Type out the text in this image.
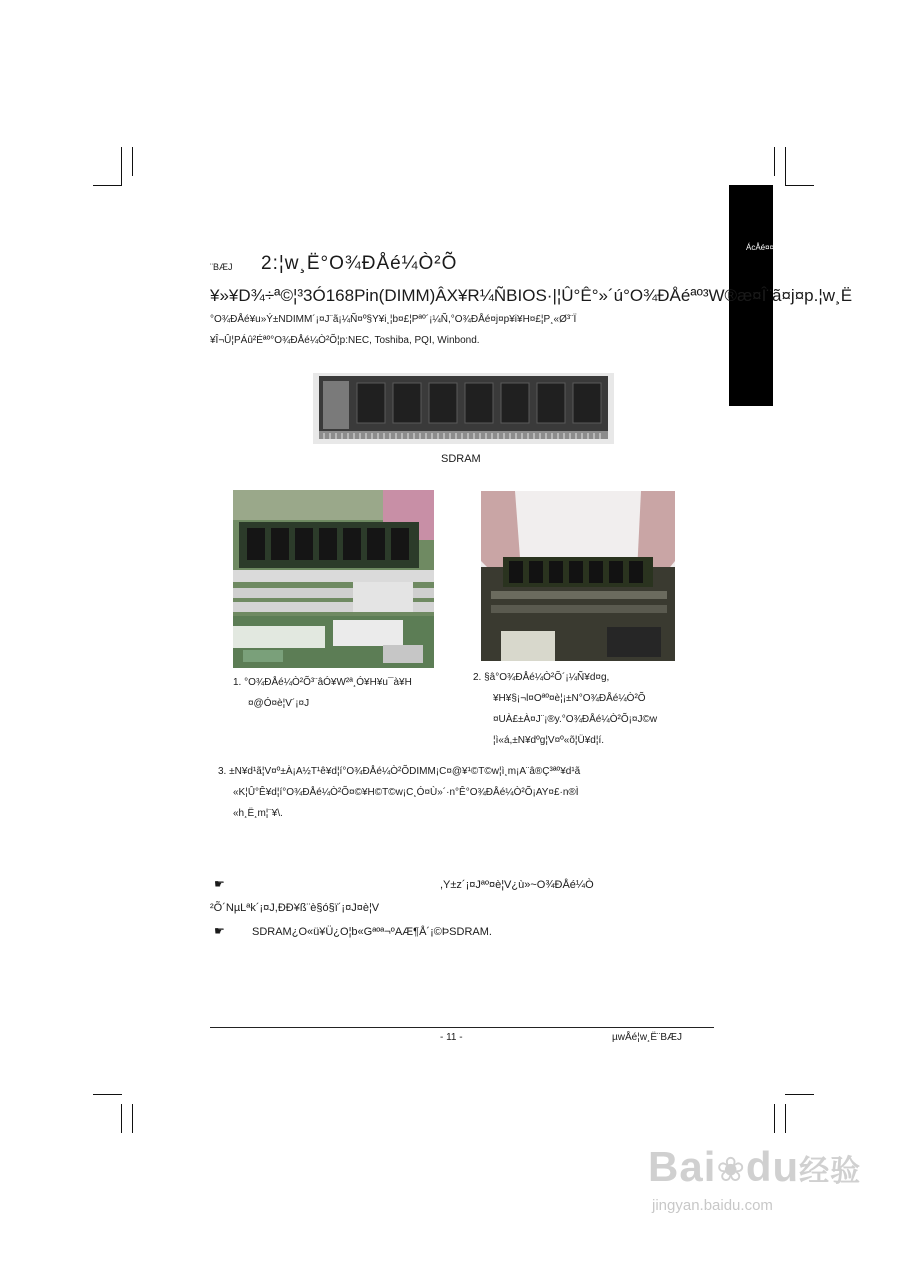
ÁcÅé¤¤
¨BÆJ 2:¦w¸Ë°O¾ÐÅé¼Ò²Õ
¥»¥D¾÷ª©¦³3Ó168Pin(DIMM)ÂX¥R¼ÑBIOS·|¦Û°Ê°»´ú°O¾ÐÅéªº³W®æ¤Î¨ã¤j¤p.¦w¸Ë
°O¾ÐÅé¥u»Ý±NDIMM´¡¤J¨ã¡¼Ñ¤º§Y¥i¸¦b¤£¦Pªº´¡¼Ñ,°O¾ÐÅé¤j¤p¥i¥H¤£¦P¸«Ø³¨Ï
¥Î¬Û¦PÁû²Éªº°O¾ÐÅé¼Ò²Õ¦p:NEC, Toshiba, PQI, Winbond.
SDRAM
1. °O¾ÐÅé¼Ò²Õ³¨âÓ¥W²ª¸Ó¥H¥u¯à¥H
¤@Ó¤è¦V´¡¤J
2. §â°O¾ÐÅé¼Ò²Õ´¡¼Ñ¥d¤g,
¥H¥§¡¬l¤Oªº¤è¦¡±N°O¾ÐÅé¼Ò²Õ
¤UÀ£±À¤J¨¡®y.°O¾ÐÅé¼Ò²Õ¡¤J©w
¦ì«á,±N¥dºg¦V¤º«õ¦Ü¥d¦í.
3. ±N¥d¹ã¦V¤º±À¡A½T¹ê¥d¦í°O¾ÐÅé¼Ò²ÕDIMM¡C¤@¥¹©T©w¦ì¸m¡A¨â®Ç³ªº¥d¹ã
«K¦Û°Ê¥d¦í°O¾ÐÅé¼Ò²Õ¤©¥H©T©w¡C¸Ó¤Ù»´·n°Ê°O¾ÐÅé¼Ò²Õ¡AY¤£·n®Ì
«h¸Ë¸m¦¨¥\.
☛	,Y±z´¡¤Jªº¤è¦V¿ù»~O¾ÐÅé¼Ò
²Õ´NµLªk´¡¤J,ÐÐ¥ß¨è§ó§ï´¡¤J¤è¦V
☛ SDRAM¿O«ü¥Ü¿O¦b«Gªºª¬ºAÆ¶Å´¡©ÞSDRAM.
- 11 -	µwÅé¦w¸Ë¨BÆJ
Bai❀du经验
jingyan.baidu.com
